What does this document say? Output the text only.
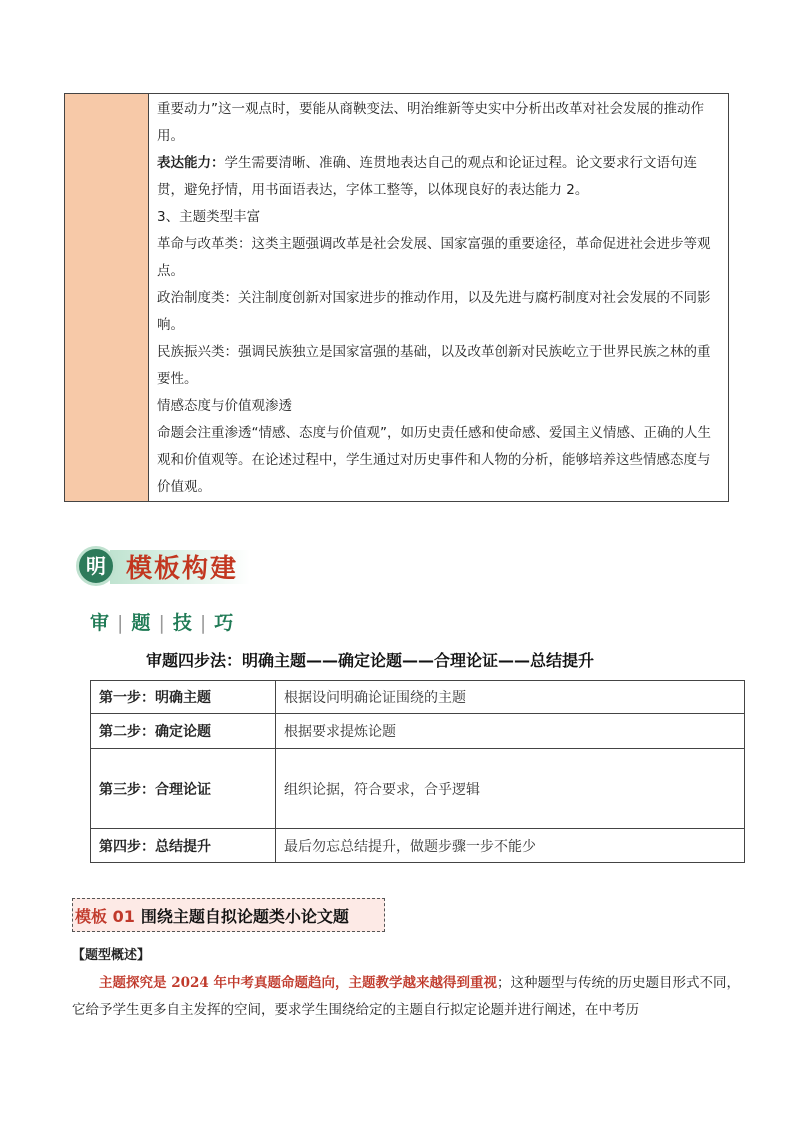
重要动力”这一观点时，要能从商鞅变法、明治维新等史实中分析出改革对社会发展的推动作用。

表达能力：学生需要清晰、准确、连贯地表达自己的观点和论证过程。论文要求行文语句连贯，避免抒情，用书面语表达，字体工整等，以体现良好的表达能力 2。

3、主题类型丰富

革命与改革类：这类主题强调改革是社会发展、国家富强的重要途径，革命促进社会进步等观点。

政治制度类：关注制度创新对国家进步的推动作用，以及先进与腐朽制度对社会发展的不同影响。

民族振兴类：强调民族独立是国家富强的基础，以及改革创新对民族屹立于世界民族之林的重要性。

情感态度与价值观渗透

命题会注重渗透“情感、态度与价值观”，如历史责任感和使命感、爱国主义情感、正确的人生观和价值观等。在论述过程中，学生通过对历史事件和人物的分析，能够培养这些情感态度与价值观。

明 模板构建
审 | 题 | 技 | 巧
审题四步法：明确主题——确定论题——合理论证——总结提升
第一步：明确主题	根据设问明确论证围绕的主题
第二步：确定论题	根据要求提炼论题
第三步：合理论证	组织论据，符合要求，合乎逻辑
第四步：总结提升	最后勿忘总结提升，做题步骤一步不能少
模板 01 围绕主题自拟论题类小论文题
【题型概述】

主题探究是 2024 年中考真题命题趋向，主题教学越来越得到重视；这种题型与传统的历史题目形式不同，它给予学生更多自主发挥的空间，要求学生围绕给定的主题自行拟定论题并进行阐述，在中考历
